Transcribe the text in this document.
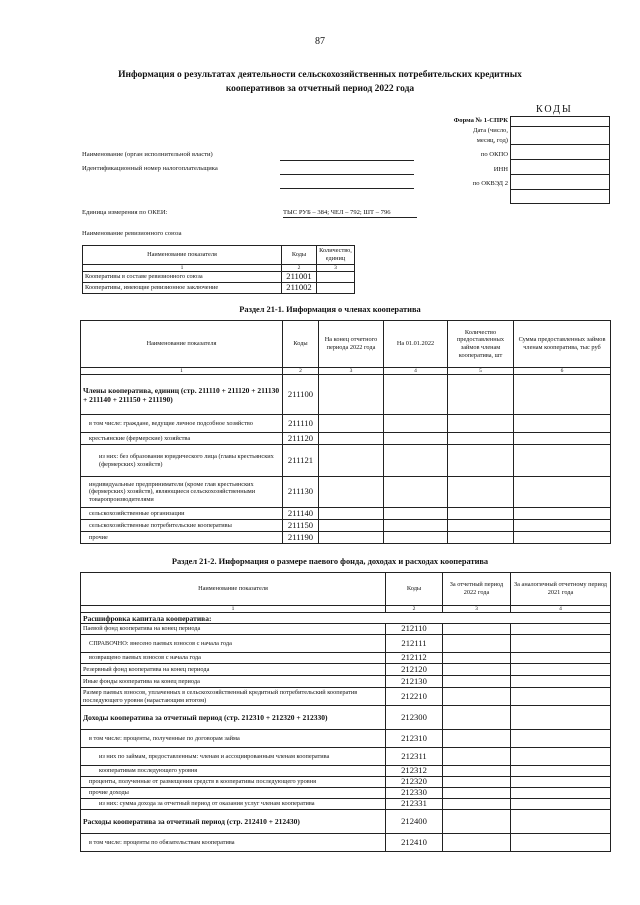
87
Информация о результатах деятельности сельскохозяйственных потребительских кредитных кооперативов за отчетный период 2022 года
КОДЫ

Форма № 1-СПРК
Дата (число,
месяц, год)
по ОКПО
ИНН
по ОКВЭД 2
Наименование (орган исполнительной власти)
Идентификационный номер налогоплательщика
Единица измерения по ОКЕИ:	ТЫС РУБ – 384; ЧЕЛ – 792; ШТ – 796
Наименование ревизионного союза
Наименование показателя	Коды	Количество, единиц
1	2	3
Кооперативы в составе ревизионного союза	211001	
Кооперативы, имеющие ревизионное заключение	211002	
Раздел 21-1. Информация о членах кооператива
Наименование показателя	Коды	На конец отчетного периода 2022 года	На 01.01.2022	Количество предоставленных займов членам кооператива, шт	Сумма предоставленных займов членам кооператива, тыс руб
1	2	3	4	5	6
Члены кооператива, единиц (стр. 211110 + 211120 + 211130 + 211140 + 211150 + 211190)	211100				
в том числе: граждане, ведущие личное подсобное хозяйство	211110				
крестьянские (фермерские) хозяйства	211120				
из них: без образования юридического лица (главы крестьянских (фермерских) хозяйств)	211121				
индивидуальные предприниматели (кроме глав крестьянских (фермерских) хозяйств), являющиеся сельскохозяйственными товаропроизводителями	211130				
сельскохозяйственные организации	211140				
сельскохозяйственные потребительские кооперативы	211150				
прочие	211190				
Раздел 21-2. Информация о размере паевого фонда, доходах и расходах кооператива
Наименование показателя	Коды	За отчетный период 2022 года	За аналогичный отчетному период 2021 года
1	2	3	4
Расшифровка капитала кооператива:			
Паевой фонд кооператива на конец периода	212110		
СПРАВОЧНО: внесено паевых взносов с начала года	212111		
возвращено паевых взносов с начала года	212112		
Резервный фонд кооператива на конец периода	212120		
Иные фонды кооператива на конец периода	212130		
Размер паевых взносов, уплаченных в сельскохозяйственный кредитный потребительский кооператив последующего уровня (нарастающим итогом)	212210		
Доходы кооператива за отчетный период (стр. 212310 + 212320 + 212330)	212300		
в том числе: проценты, полученные по договорам займа	212310		
из них по займам, предоставленным: членам и ассоциированным членам кооператива	212311		
кооперативам последующего уровня	212312		
проценты, полученные от размещения средств в кооперативы последующего уровня	212320		
прочие доходы	212330		
из них: сумма дохода за отчетный период от оказания услуг членам кооператива	212331		
Расходы кооператива за отчетный период (стр. 212410 + 212430)	212400		
в том числе: проценты по обязательствам кооператива	212410		
